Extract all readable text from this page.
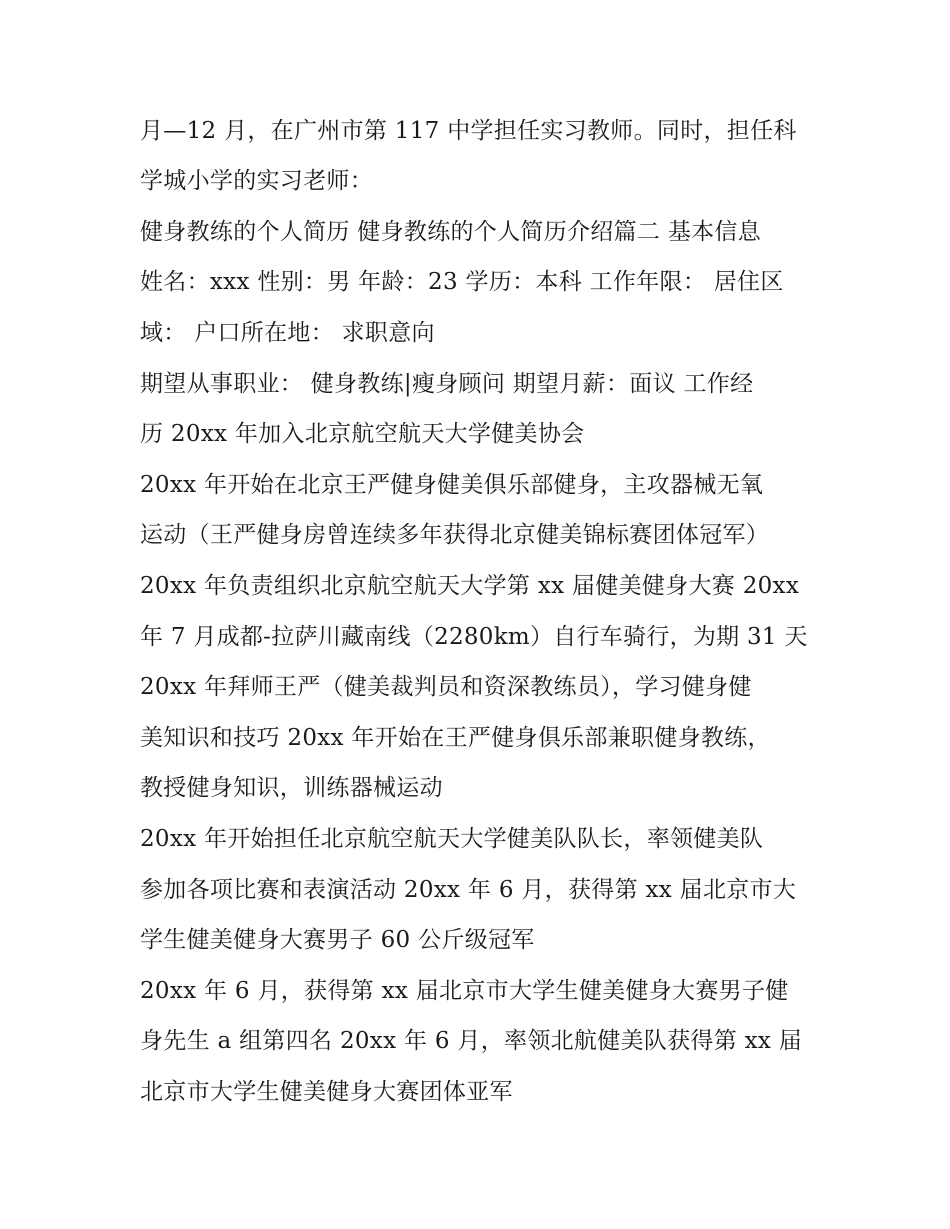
月—12 月，在广州市第 117 中学担任实习教师。同时，担任科
学城小学的实习老师：
健身教练的个人简历 健身教练的个人简历介绍篇二 基本信息
姓名：xxx 性别：男 年龄：23 学历：本科 工作年限： 居住区
域： 户口所在地： 求职意向
期望从事职业： 健身教练|瘦身顾问 期望月薪：面议 工作经
历 20xx 年加入北京航空航天大学健美协会
20xx 年开始在北京王严健身健美俱乐部健身，主攻器械无氧
运动（王严健身房曾连续多年获得北京健美锦标赛团体冠军）
20xx 年负责组织北京航空航天大学第 xx 届健美健身大赛 20xx
年 7 月成都-拉萨川藏南线（2280km）自行车骑行，为期 31 天
20xx 年拜师王严（健美裁判员和资深教练员），学习健身健
美知识和技巧 20xx 年开始在王严健身俱乐部兼职健身教练，
教授健身知识，训练器械运动
20xx 年开始担任北京航空航天大学健美队队长，率领健美队
参加各项比赛和表演活动 20xx 年 6 月，获得第 xx 届北京市大
学生健美健身大赛男子 60 公斤级冠军
20xx 年 6 月，获得第 xx 届北京市大学生健美健身大赛男子健
身先生 a 组第四名 20xx 年 6 月，率领北航健美队获得第 xx 届
北京市大学生健美健身大赛团体亚军
